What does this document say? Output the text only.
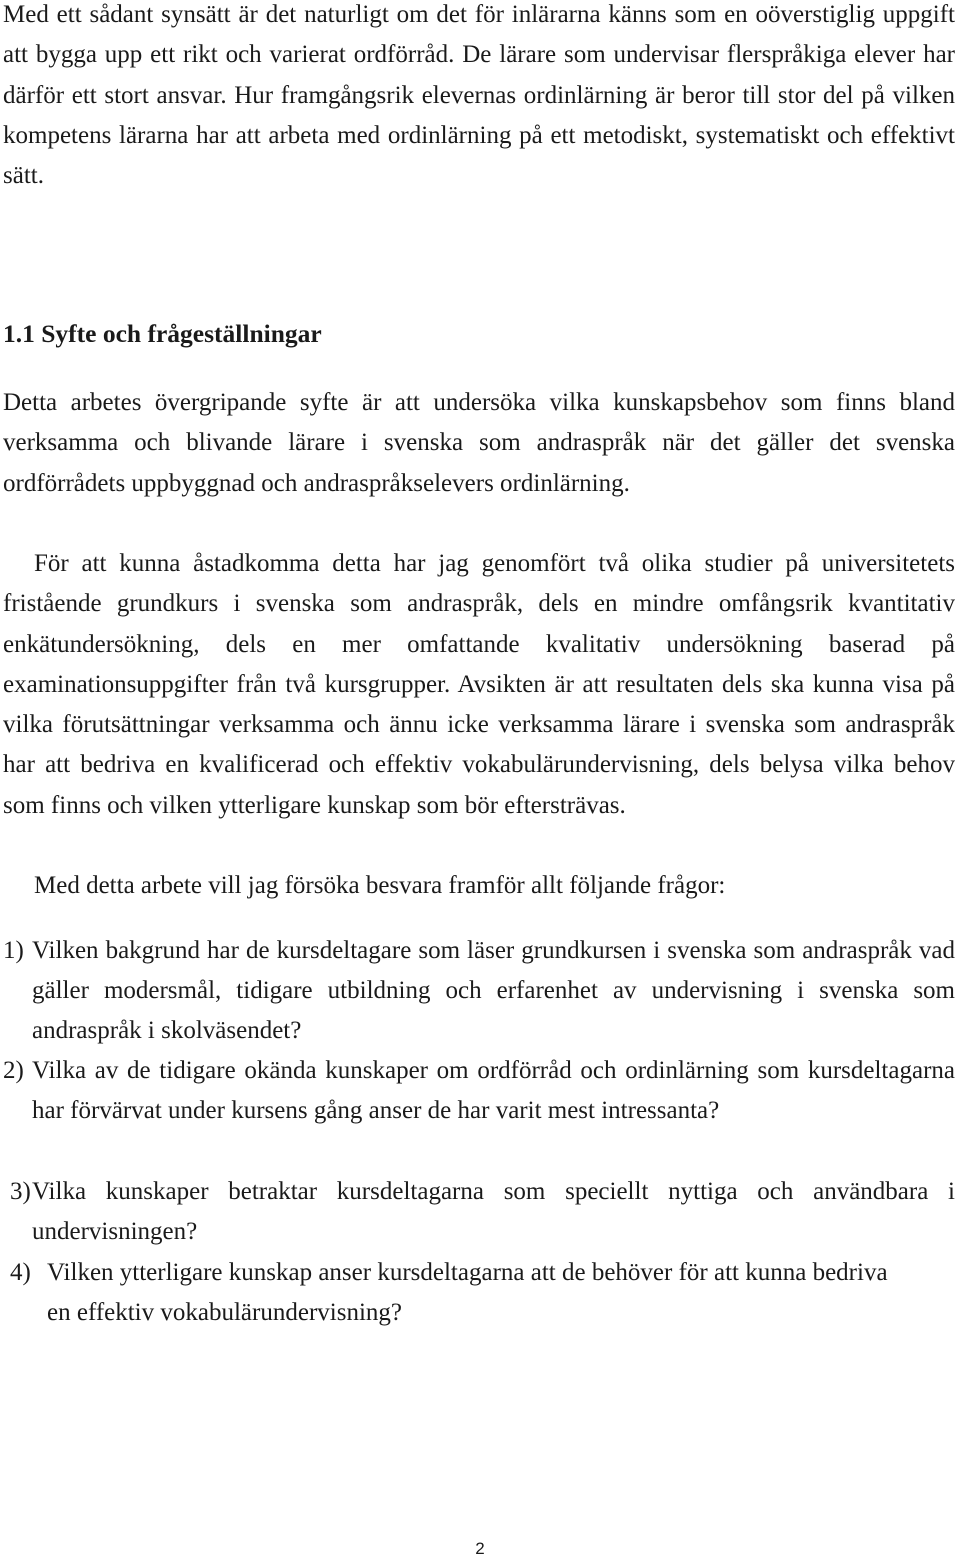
Med ett sådant synsätt är det naturligt om det för inlärarna känns som en oöverstiglig uppgift att bygga upp ett rikt och varierat ordförråd. De lärare som undervisar flerspråkiga elever har därför ett stort ansvar. Hur framgångsrik elevernas ordinlärning är beror till stor del på vilken kompetens lärarna har att arbeta med ordinlärning på ett metodiskt, systematiskt och effektivt sätt.

1.1 Syfte och frågeställningar

Detta arbetes övergripande syfte är att undersöka vilka kunskapsbehov som finns bland verksamma och blivande lärare i svenska som andraspråk när det gäller det svenska ordförrådets uppbyggnad och andraspråkselevers ordinlärning.

För att kunna åstadkomma detta har jag genomfört två olika studier på universitetets fristående grundkurs i svenska som andraspråk, dels en mindre omfångsrik kvantitativ enkätundersökning, dels en mer omfattande kvalitativ undersökning baserad på examinationsuppgifter från två kursgrupper. Avsikten är att resultaten dels ska kunna visa på vilka förutsättningar verksamma och ännu icke verksamma lärare i svenska som andraspråk har att bedriva en kvalificerad och effektiv vokabulärundervisning, dels belysa vilka behov som finns och vilken ytterligare kunskap som bör eftersträvas.

Med detta arbete vill jag försöka besvara framför allt följande frågor:

1) Vilken bakgrund har de kursdeltagare som läser grundkursen i svenska som andraspråk vad gäller modersmål, tidigare utbildning och erfarenhet av undervisning i svenska som andraspråk i skolväsendet?
2) Vilka av de tidigare okända kunskaper om ordförråd och ordinlärning som kursdeltagarna har förvärvat under kursens gång anser de har varit mest intressanta?
3) Vilka kunskaper betraktar kursdeltagarna som speciellt nyttiga och användbara i undervisningen?
4) Vilken ytterligare kunskap anser kursdeltagarna att de behöver för att kunna bedriva en effektiv vokabulärundervisning?

2
